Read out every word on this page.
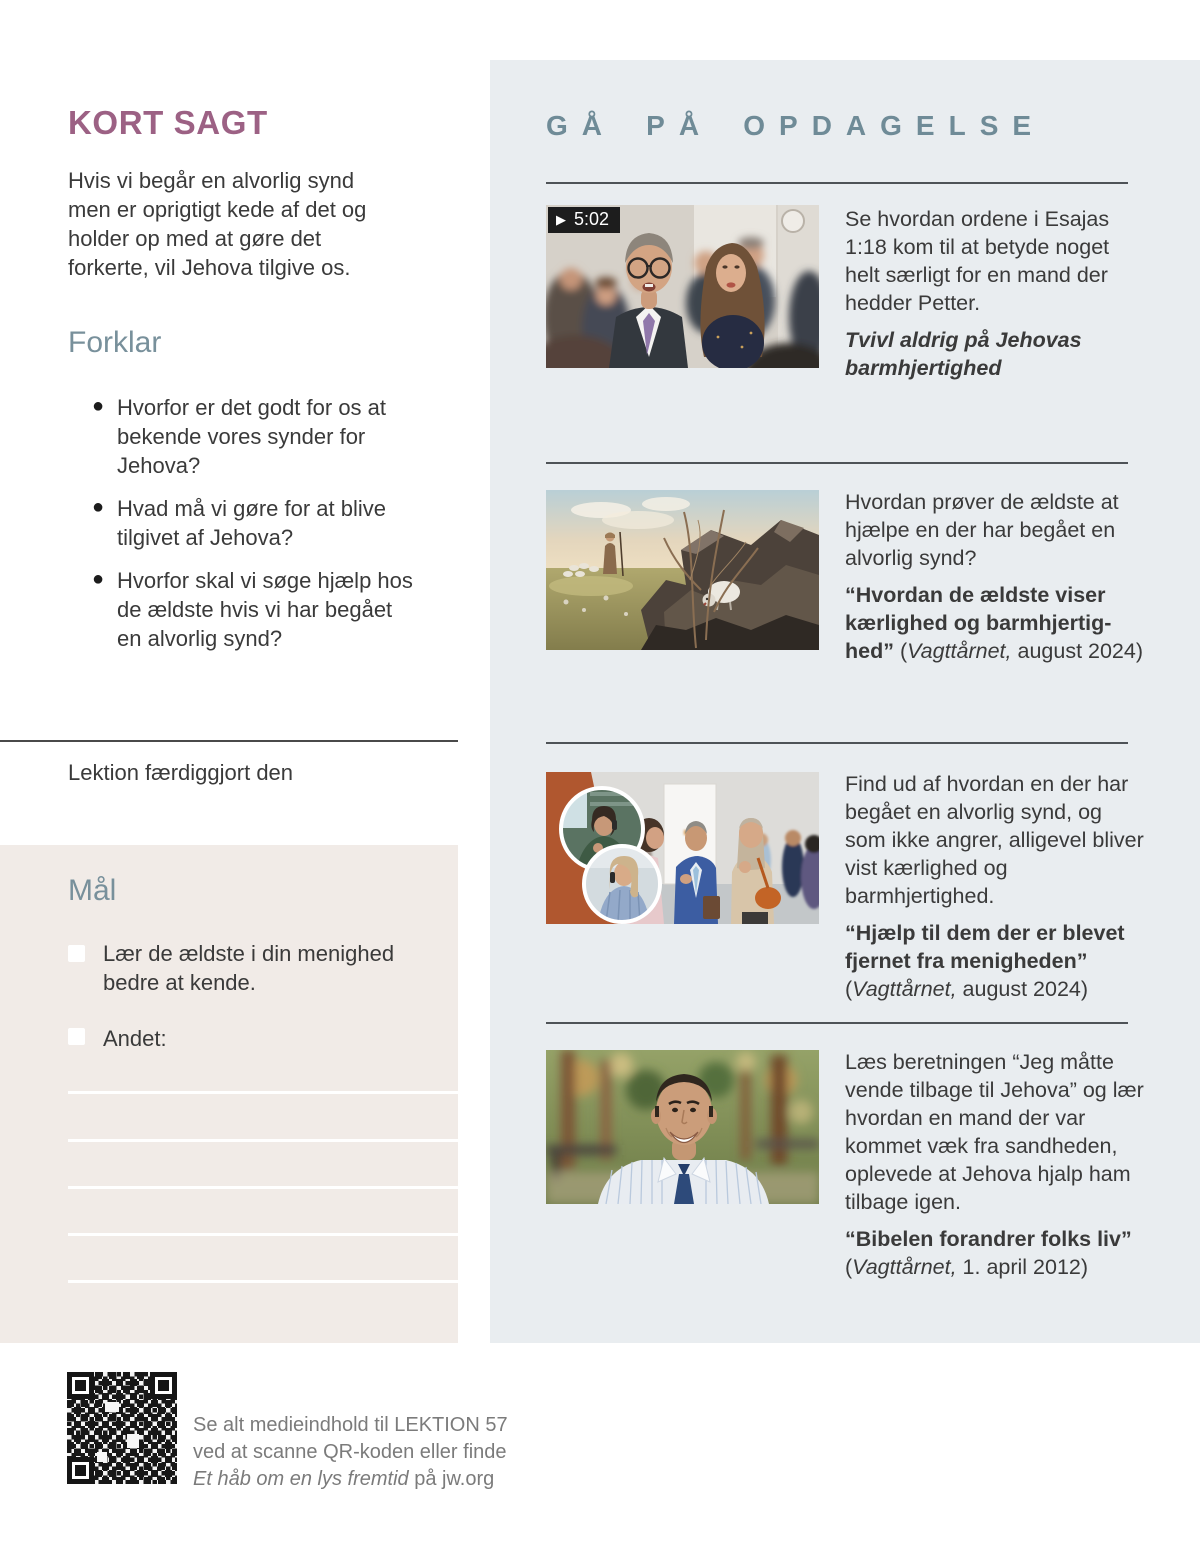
KORT SAGT
Hvis vi begår en alvorlig synd men er oprigtigt kede af det og holder op med at gøre det forkerte, vil Jehova tilgive os.
Forklar
● Hvorfor er det godt for os at bekende vores synder for Jehova?
● Hvad må vi gøre for at blive tilgivet af Jehova?
● Hvorfor skal vi søge hjælp hos de ældste hvis vi har begået en alvorlig synd?
Lektion færdiggjort den
Mål
Lær de ældste i din menighed bedre at kende.
Andet:
Se alt medieindhold til LEKTION 57
ved at scanne QR-koden eller finde
Et håb om en lys fremtid på jw.org
GÅ PÅ OPDAGELSE
▶ 5:02	Se hvordan ordene i Esajas 1:18 kom til at betyde noget helt særligt for en mand der hedder Petter.

Tvivl aldrig på Jehovas barmhjertighed

Hvordan prøver de ældste at hjælpe en der har begået en alvorlig synd?

“Hvordan de ældste viser kærlighed og barmhjertighed” (Vagttårnet, august 2024)

Find ud af hvordan en der har begået en alvorlig synd, og som ikke angrer, alligevel bliver vist kærlighed og barmhjertighed.

“Hjælp til dem der er blevet fjernet fra menigheden” (Vagttårnet, august 2024)

Læs beretningen “Jeg måtte vende tilbage til Jehova” og lær hvordan en mand der var kommet væk fra sandheden, oplevede at Jehova hjalp ham tilbage igen.

“Bibelen forandrer folks liv” (Vagttårnet, 1. april 2012)
